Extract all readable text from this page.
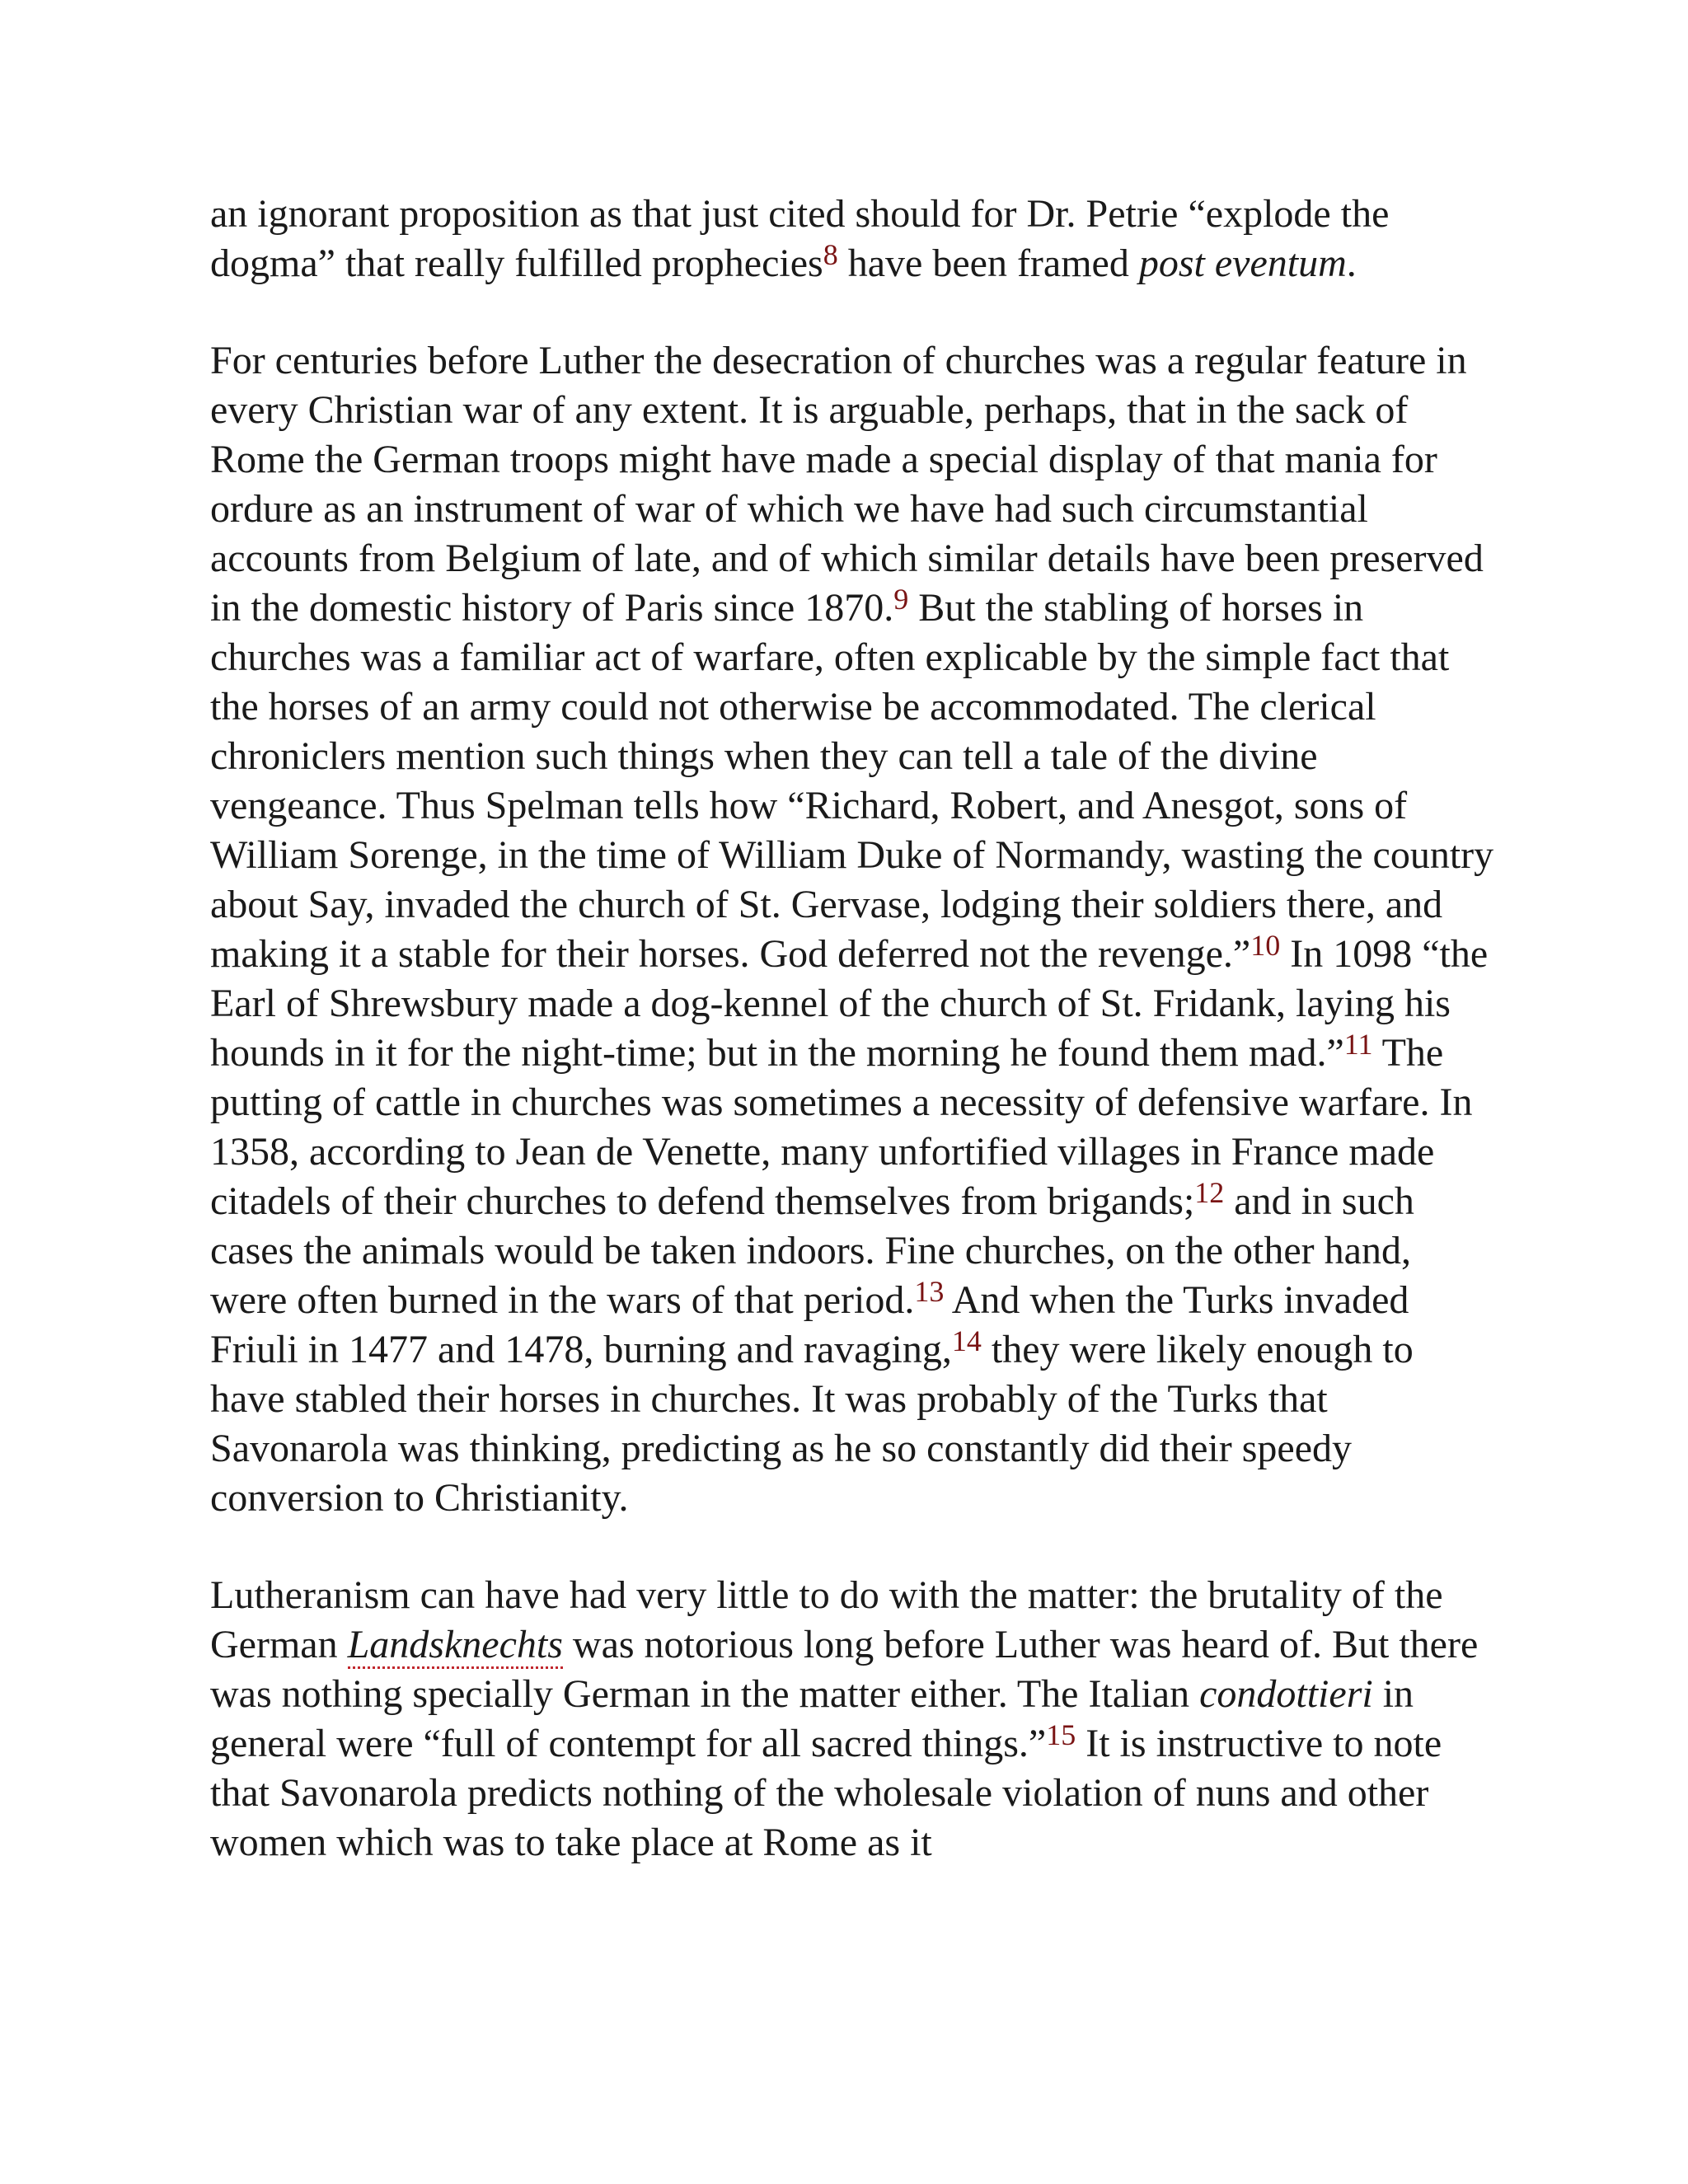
an ignorant proposition as that just cited should for Dr. Petrie “explode the dogma” that really fulfilled prophecies$^8$ have been framed post eventum.

For centuries before Luther the desecration of churches was a regular feature in every Christian war of any extent. It is arguable, perhaps, that in the sack of Rome the German troops might have made a special display of that mania for ordure as an instrument of war of which we have had such circumstantial accounts from Belgium of late, and of which similar details have been preserved in the domestic history of Paris since 1870.$^9$ But the stabling of horses in churches was a familiar act of warfare, often explicable by the simple fact that the horses of an army could not otherwise be accommodated. The clerical chroniclers mention such things when they can tell a tale of the divine vengeance. Thus Spelman tells how “Richard, Robert, and Anesgot, sons of William Sorenge, in the time of William Duke of Normandy, wasting the country about Say, invaded the church of St. Gervase, lodging their soldiers there, and making it a stable for their horses. God deferred not the revenge.”$^{10}$ In 1098 “the Earl of Shrewsbury made a dog-kennel of the church of St. Fridank, laying his hounds in it for the night-time; but in the morning he found them mad.”$^{11}$ The putting of cattle in churches was sometimes a necessity of defensive warfare. In 1358, according to Jean de Venette, many unfortified villages in France made citadels of their churches to defend themselves from brigands;$^{12}$ and in such cases the animals would be taken indoors. Fine churches, on the other hand, were often burned in the wars of that period.$^{13}$ And when the Turks invaded Friuli in 1477 and 1478, burning and ravaging,$^{14}$ they were likely enough to have stabled their horses in churches. It was probably of the Turks that Savonarola was thinking, predicting as he so constantly did their speedy conversion to Christianity.

Lutheranism can have had very little to do with the matter: the brutality of the German Landsknechts was notorious long before Luther was heard of. But there was nothing specially German in the matter either. The Italian condottieri in general were “full of contempt for all sacred things.”$^{15}$ It is instructive to note that Savonarola predicts nothing of the wholesale violation of nuns and other women which was to take place at Rome as it
